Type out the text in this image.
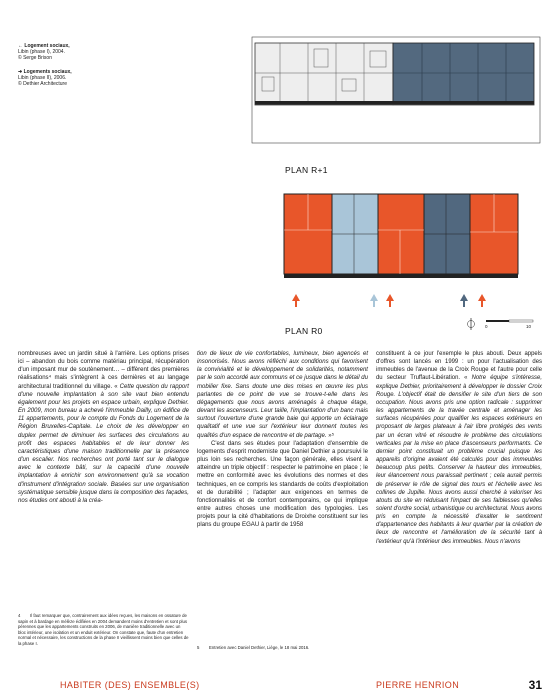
← Logement sociaux,
Libin (phase I), 2004.
© Serge Brison
➜ Logements sociaux,
Libin (phase II), 2006.
© Dethier Architecture
PLAN R+1
PLAN R0	0	10

nombreuses avec un jardin situé à l'arrière. Les options prises ici – abandon du bois comme matériau principal, récupération d'un imposant mur de soutènement… – diffèrent des premières réalisations⁴ mais s'intègrent à ces dernières et au langage architectural traditionnel du village. « Cette question du rapport d'une nouvelle implantation à son site vaut bien entendu également pour les projets en espace urbain, explique Dethier. En 2009, mon bureau a achevé l'immeuble Dailly, un édifice de 11 appartements, pour le compte du Fonds du Logement de la Région Bruxelles-Capitale. Le choix de les développer en duplex permet de diminuer les surfaces des circulations au profit des espaces habitables et de leur donner les caractéristiques d'une maison traditionnelle par la présence d'un escalier. Nos recherches ont porté tant sur le dialogue avec le contexte bâti, sur la capacité d'une nouvelle implantation à enrichir son environnement qu'à sa vocation d'instrument d'intégration sociale. Basées sur une organisation systématique sensible jusque dans la composition des façades, nos études ont abouti à la créa-

tion de lieux de vie confortables, lumineux, bien agencés et insonorisés. Nous avons réfléchi aux conditions qui favorisent la convivialité et le développement de solidarités, notamment par le soin accordé aux communs et ce jusque dans le détail du mobilier fixe. Sans doute une des mises en œuvre les plus parlantes de ce point de vue se trouve-t-elle dans les dégagements que nous avons aménagés à chaque étage, devant les ascenseurs. Leur taille, l'implantation d'un banc mais surtout l'ouverture d'une grande baie qui apporte un éclairage qualitatif et une vue sur l'extérieur leur donnent toutes les qualités d'un espace de rencontre et de partage. »⁵

C'est dans ses études pour l'adaptation d'ensemble de logements d'esprit moderniste que Daniel Dethier a poursuivi le plus loin ses recherches. Une façon générale, elles visent à atteindre un triple objectif : respecter le patrimoine en place ; le mettre en conformité avec les évolutions des normes et des techniques, en ce compris les standards de coûts d'exploitation et de durabilité ; l'adapter aux exigences en termes de fonctionnalités et de confort contemporains, ce qui implique entre autres choses une modification des typologies. Les projets pour la cité d'habitations de Droixhe constituent sur les plans du groupe EGAU à partir de 1958

constituent à ce jour l'exemple le plus abouti. Deux appels d'offres sont lancés en 1999 : un pour l'actualisation des immeubles de l'avenue de la Croix Rouge et l'autre pour celle du secteur Truffaut-Libération. « Notre équipe s'intéresse, explique Dethier, prioritairement à développer le dossier Croix Rouge. L'objectif était de densifier le site d'un tiers de son occupation. Nous avons pris une option radicale : supprimer les appartements de la travée centrale et aménager les surfaces récupérées pour qualifier les espaces extérieurs en proposant de larges plateaux à l'air libre protégés des vents par un écran vitré et résoudre le problème des circulations verticales par la mise en place d'ascenseurs performants. Ce dernier point constituait un problème crucial puisque les appareils d'origine avaient été calculés pour des immeubles beaucoup plus petits. Conserver la hauteur des immeubles, leur élancement nous paraissait pertinent ; cela aurait permis de préserver le rôle de signal des tours et l'échelle avec les collines de Jupille. Nous avons aussi cherché à valoriser les atouts du site en réduisant l'impact de ses faiblesses qu'elles soient d'ordre social, urbanistique ou architectural. Nous avons pris en compte la nécessité d'exalter le sentiment d'appartenance des habitants à leur quartier par la création de lieux de rencontre et l'amélioration de la sécurité tant à l'extérieur qu'à l'intérieur des immeubles. Nous n'avons

4 Il faut remarquer que, contrairement aux idées reçues, les maisons en ossature de sapin et à bardage en mélèze édifiées en 2004 demandent moins d'entretien et sont plus pérennes que les appartements construits en 2006, de manière traditionnelle avec un bloc intérieur, une isolation et un enduit extérieur. On constate que, faute d'un entretien normal et nécessaire, les constructions de la phase II vieillissent moins bien que celles de la phase I.
5 Entretien avec Daniel Dethier, Liège, le 18 mai 2016.
HABITER (DES) ENSEMBLE(S)	PIERRE HENRION	31
